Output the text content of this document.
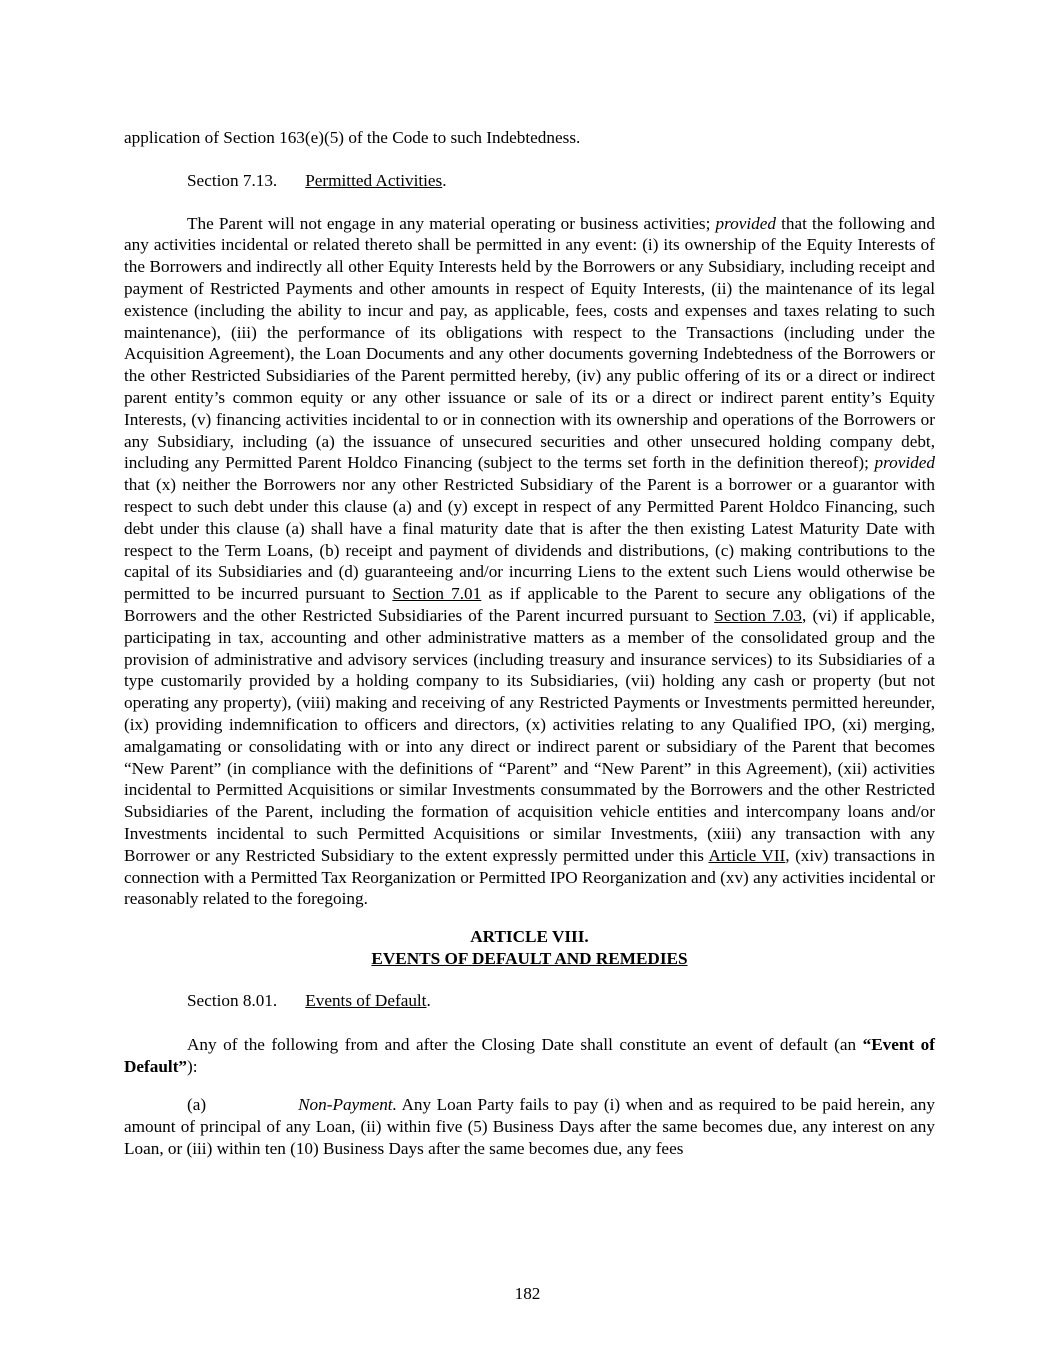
application of Section 163(e)(5) of the Code to such Indebtedness.

Section 7.13. Permitted Activities.

The Parent will not engage in any material operating or business activities; provided that the following and any activities incidental or related thereto shall be permitted in any event: (i) its ownership of the Equity Interests of the Borrowers and indirectly all other Equity Interests held by the Borrowers or any Subsidiary, including receipt and payment of Restricted Payments and other amounts in respect of Equity Interests, (ii) the maintenance of its legal existence (including the ability to incur and pay, as applicable, fees, costs and expenses and taxes relating to such maintenance), (iii) the performance of its obligations with respect to the Transactions (including under the Acquisition Agreement), the Loan Documents and any other documents governing Indebtedness of the Borrowers or the other Restricted Subsidiaries of the Parent permitted hereby, (iv) any public offering of its or a direct or indirect parent entity’s common equity or any other issuance or sale of its or a direct or indirect parent entity’s Equity Interests, (v) financing activities incidental to or in connection with its ownership and operations of the Borrowers or any Subsidiary, including (a) the issuance of unsecured securities and other unsecured holding company debt, including any Permitted Parent Holdco Financing (subject to the terms set forth in the definition thereof); provided that (x) neither the Borrowers nor any other Restricted Subsidiary of the Parent is a borrower or a guarantor with respect to such debt under this clause (a) and (y) except in respect of any Permitted Parent Holdco Financing, such debt under this clause (a) shall have a final maturity date that is after the then existing Latest Maturity Date with respect to the Term Loans, (b) receipt and payment of dividends and distributions, (c) making contributions to the capital of its Subsidiaries and (d) guaranteeing and/or incurring Liens to the extent such Liens would otherwise be permitted to be incurred pursuant to Section 7.01 as if applicable to the Parent to secure any obligations of the Borrowers and the other Restricted Subsidiaries of the Parent incurred pursuant to Section 7.03, (vi) if applicable, participating in tax, accounting and other administrative matters as a member of the consolidated group and the provision of administrative and advisory services (including treasury and insurance services) to its Subsidiaries of a type customarily provided by a holding company to its Subsidiaries, (vii) holding any cash or property (but not operating any property), (viii) making and receiving of any Restricted Payments or Investments permitted hereunder, (ix) providing indemnification to officers and directors, (x) activities relating to any Qualified IPO, (xi) merging, amalgamating or consolidating with or into any direct or indirect parent or subsidiary of the Parent that becomes “New Parent” (in compliance with the definitions of “Parent” and “New Parent” in this Agreement), (xii) activities incidental to Permitted Acquisitions or similar Investments consummated by the Borrowers and the other Restricted Subsidiaries of the Parent, including the formation of acquisition vehicle entities and intercompany loans and/or Investments incidental to such Permitted Acquisitions or similar Investments, (xiii) any transaction with any Borrower or any Restricted Subsidiary to the extent expressly permitted under this Article VII, (xiv) transactions in connection with a Permitted Tax Reorganization or Permitted IPO Reorganization and (xv) any activities incidental or reasonably related to the foregoing.

ARTICLE VIII.
EVENTS OF DEFAULT AND REMEDIES

Section 8.01. Events of Default.

Any of the following from and after the Closing Date shall constitute an event of default (an “Event of Default”):

(a)	Non-Payment. Any Loan Party fails to pay (i) when and as required to be paid herein, any amount of principal of any Loan, (ii) within five (5) Business Days after the same becomes due, any interest on any Loan, or (iii) within ten (10) Business Days after the same becomes due, any fees

182
